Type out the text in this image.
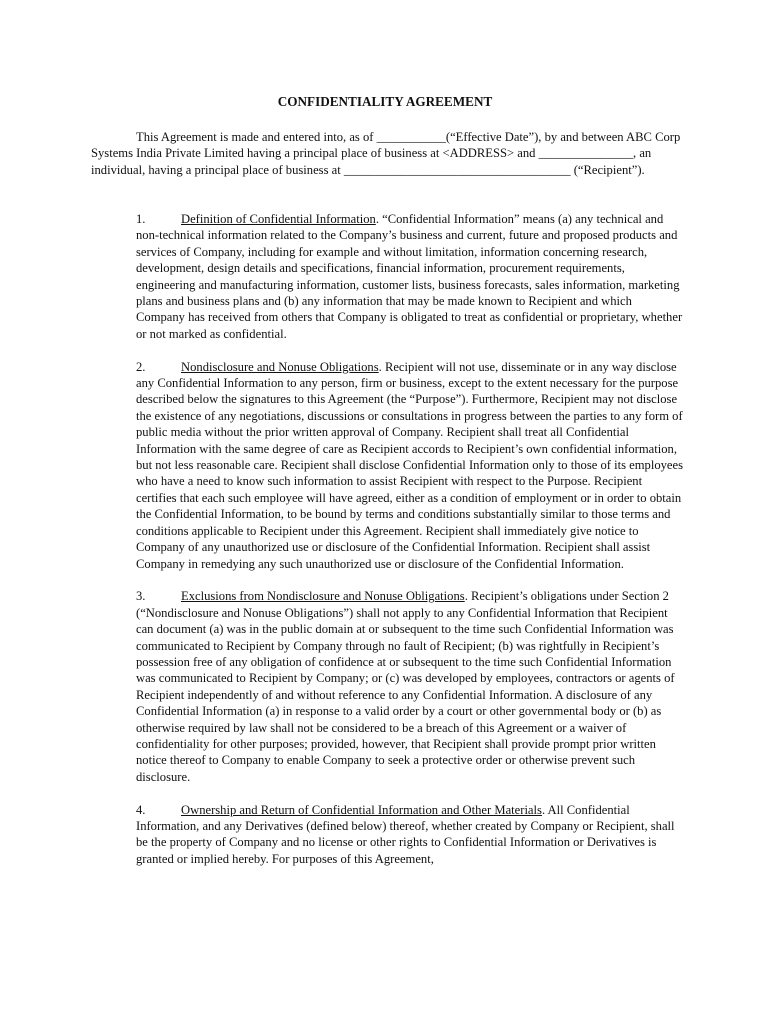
CONFIDENTIALITY AGREEMENT

This Agreement is made and entered into, as of ___________(“Effective Date”), by and between ABC Corp Systems India Private Limited having a principal place of business at <ADDRESS> and _______________, an individual, having a principal place of business at ____________________________________ (“Recipient”).

1.	Definition of Confidential Information. “Confidential Information” means (a) any technical and non-technical information related to the Company’s business and current, future and proposed products and services of Company, including for example and without limitation, information concerning research, development, design details and specifications, financial information, procurement requirements, engineering and manufacturing information, customer lists, business forecasts, sales information, marketing plans and business plans and (b) any information that may be made known to Recipient and which Company has received from others that Company is obligated to treat as confidential or proprietary, whether or not marked as confidential.

2.	Nondisclosure and Nonuse Obligations. Recipient will not use, disseminate or in any way disclose any Confidential Information to any person, firm or business, except to the extent necessary for the purpose described below the signatures to this Agreement (the “Purpose”). Furthermore, Recipient may not disclose the existence of any negotiations, discussions or consultations in progress between the parties to any form of public media without the prior written approval of Company. Recipient shall treat all Confidential Information with the same degree of care as Recipient accords to Recipient’s own confidential information, but not less reasonable care. Recipient shall disclose Confidential Information only to those of its employees who have a need to know such information to assist Recipient with respect to the Purpose. Recipient certifies that each such employee will have agreed, either as a condition of employment or in order to obtain the Confidential Information, to be bound by terms and conditions substantially similar to those terms and conditions applicable to Recipient under this Agreement. Recipient shall immediately give notice to Company of any unauthorized use or disclosure of the Confidential Information. Recipient shall assist Company in remedying any such unauthorized use or disclosure of the Confidential Information.

3.	Exclusions from Nondisclosure and Nonuse Obligations. Recipient’s obligations under Section 2 (“Nondisclosure and Nonuse Obligations”) shall not apply to any Confidential Information that Recipient can document (a) was in the public domain at or subsequent to the time such Confidential Information was communicated to Recipient by Company through no fault of Recipient; (b) was rightfully in Recipient’s possession free of any obligation of confidence at or subsequent to the time such Confidential Information was communicated to Recipient by Company; or (c) was developed by employees, contractors or agents of Recipient independently of and without reference to any Confidential Information. A disclosure of any Confidential Information (a) in response to a valid order by a court or other governmental body or (b) as otherwise required by law shall not be considered to be a breach of this Agreement or a waiver of confidentiality for other purposes; provided, however, that Recipient shall provide prompt prior written notice thereof to Company to enable Company to seek a protective order or otherwise prevent such disclosure.

4.	Ownership and Return of Confidential Information and Other Materials. All Confidential Information, and any Derivatives (defined below) thereof, whether created by Company or Recipient, shall be the property of Company and no license or other rights to Confidential Information or Derivatives is granted or implied hereby. For purposes of this Agreement,
